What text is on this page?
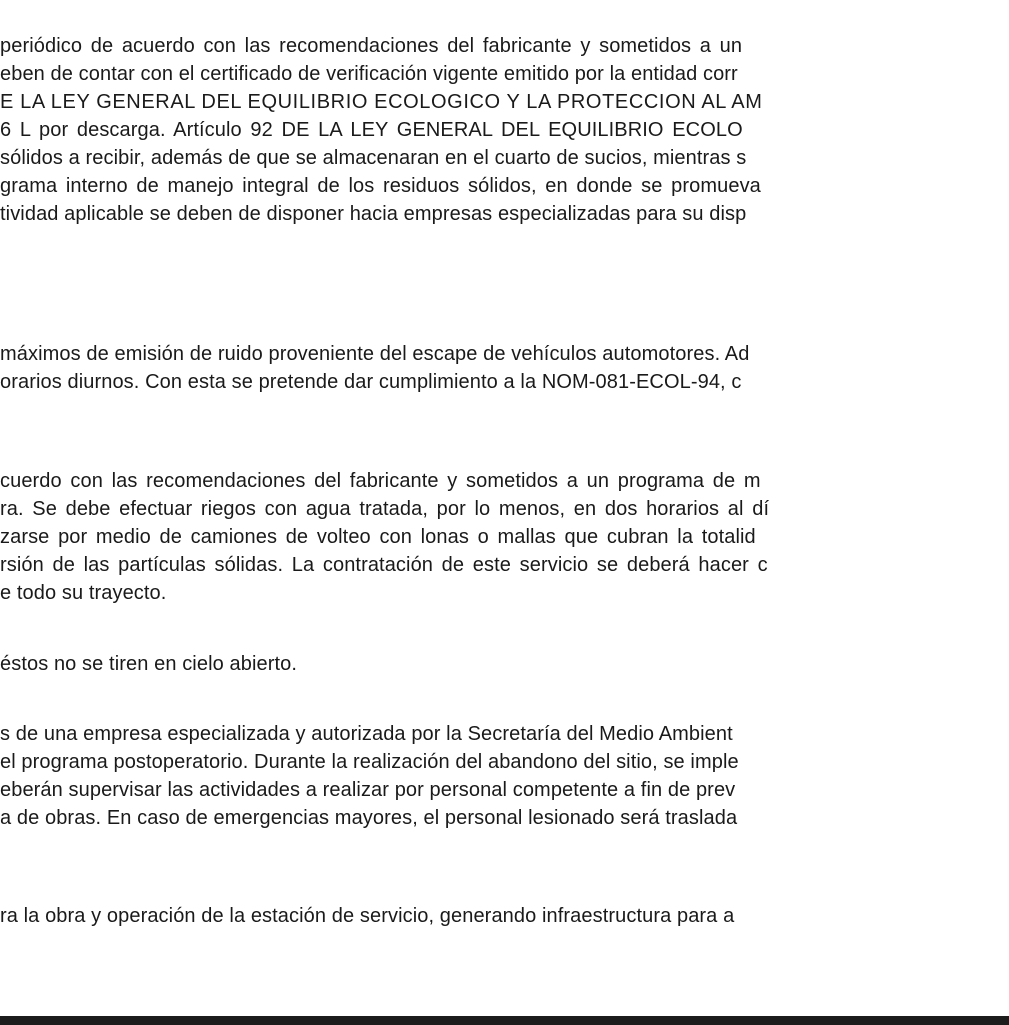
periódico de acuerdo con las recomendaciones del fabricante y sometidos a un
eben de contar con el certificado de verificación vigente emitido por la entidad corr
E LA LEY GENERAL DEL EQUILIBRIO ECOLOGICO Y LA PROTECCION AL AM
6 L por descarga. Artículo 92 DE LA LEY GENERAL DEL EQUILIBRIO ECOLO
sólidos a recibir, además de que se almacenaran en el cuarto de sucios, mientras s
grama interno de manejo integral de los residuos sólidos, en donde se promueva
tividad aplicable se deben de disponer hacia empresas especializadas para su disp
máximos de emisión de ruido proveniente del escape de vehículos automotores. Ad
orarios diurnos. Con esta se pretende dar cumplimiento a la NOM-081-ECOL-94, c
cuerdo con las recomendaciones del fabricante y sometidos a un programa de m
ra. Se debe efectuar riegos con agua tratada, por lo menos, en dos horarios al dí
zarse por medio de camiones de volteo con lonas o mallas que cubran la totalid
rsión de las partículas sólidas. La contratación de este servicio se deberá hacer c
e todo su trayecto.
éstos no se tiren en cielo abierto.
s de una empresa especializada y autorizada por la Secretaría del Medio Ambient
el programa postoperatorio. Durante la realización del abandono del sitio, se imple
eberán supervisar las actividades a realizar por personal competente a fin de prev
a de obras. En caso de emergencias mayores, el personal lesionado será traslada
ra la obra y operación de la estación de servicio, generando infraestructura para a
